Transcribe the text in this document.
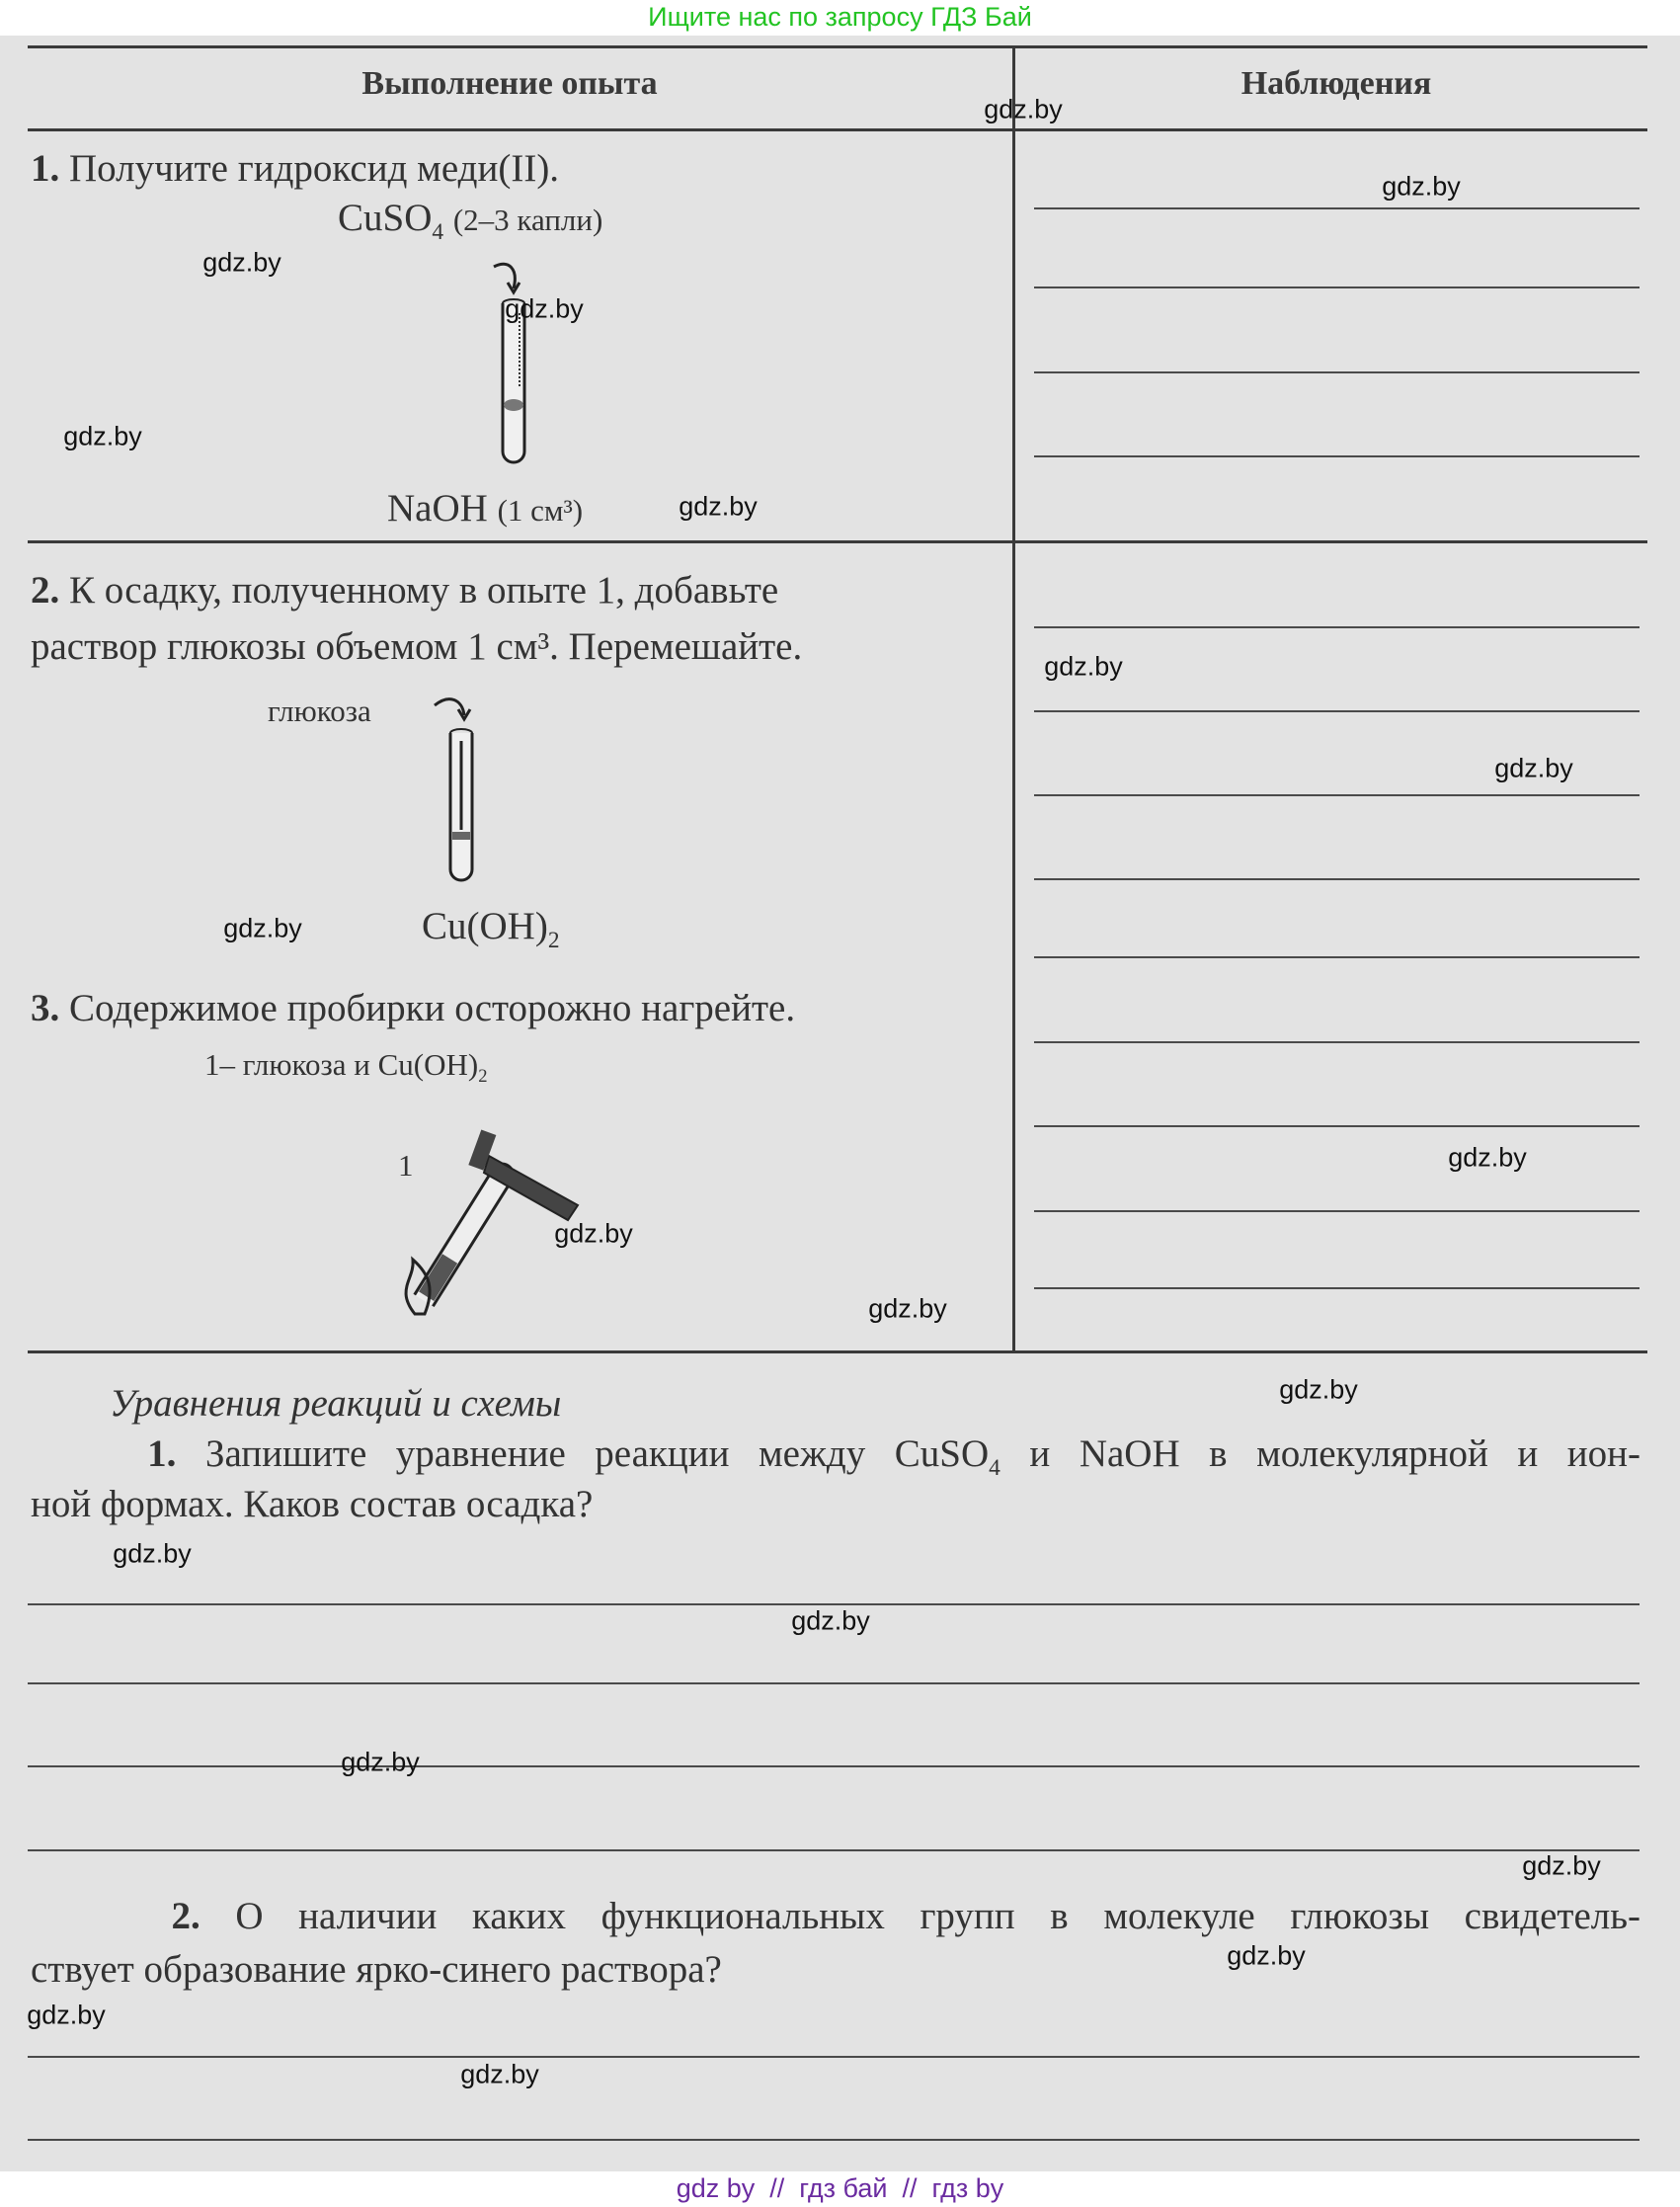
Ищите нас по запросу ГДЗ Бай
Выполнение опыта	Наблюдения
1. Получите гидроксид меди(II).
CuSO$_4$ (2–3 капли)
NaOH (1 см³)
2. К осадку, полученному в опыте 1, добавьте
раствор глюкозы объемом 1 см³. Перемешайте.
глюкоза
$Cu(OH)_2$
3. Содержимое пробирки осторожно нагрейте.
1– глюкоза и $Cu(OH)_2$
1
Уравнения реакций и схемы
1. Запишите уравнение реакции между CuSO$_4$ и NaOH в молекулярной и ион-
ной формах. Каков состав осадка?
2. О наличии каких функциональных групп в молекуле глюкозы свидетель-
ствует образование ярко-синего раствора?
gdz.by
gdz.by
gdz.by
gdz.by
gdz.by
gdz.by
gdz.by
gdz.by
gdz.by
gdz.by
gdz.by
gdz.by
gdz.by
gdz.by
gdz.by
gdz.by
gdz.by
gdz.by
gdz.by
gdz.by
gdz by  //  гдз бай  //  гдз by
